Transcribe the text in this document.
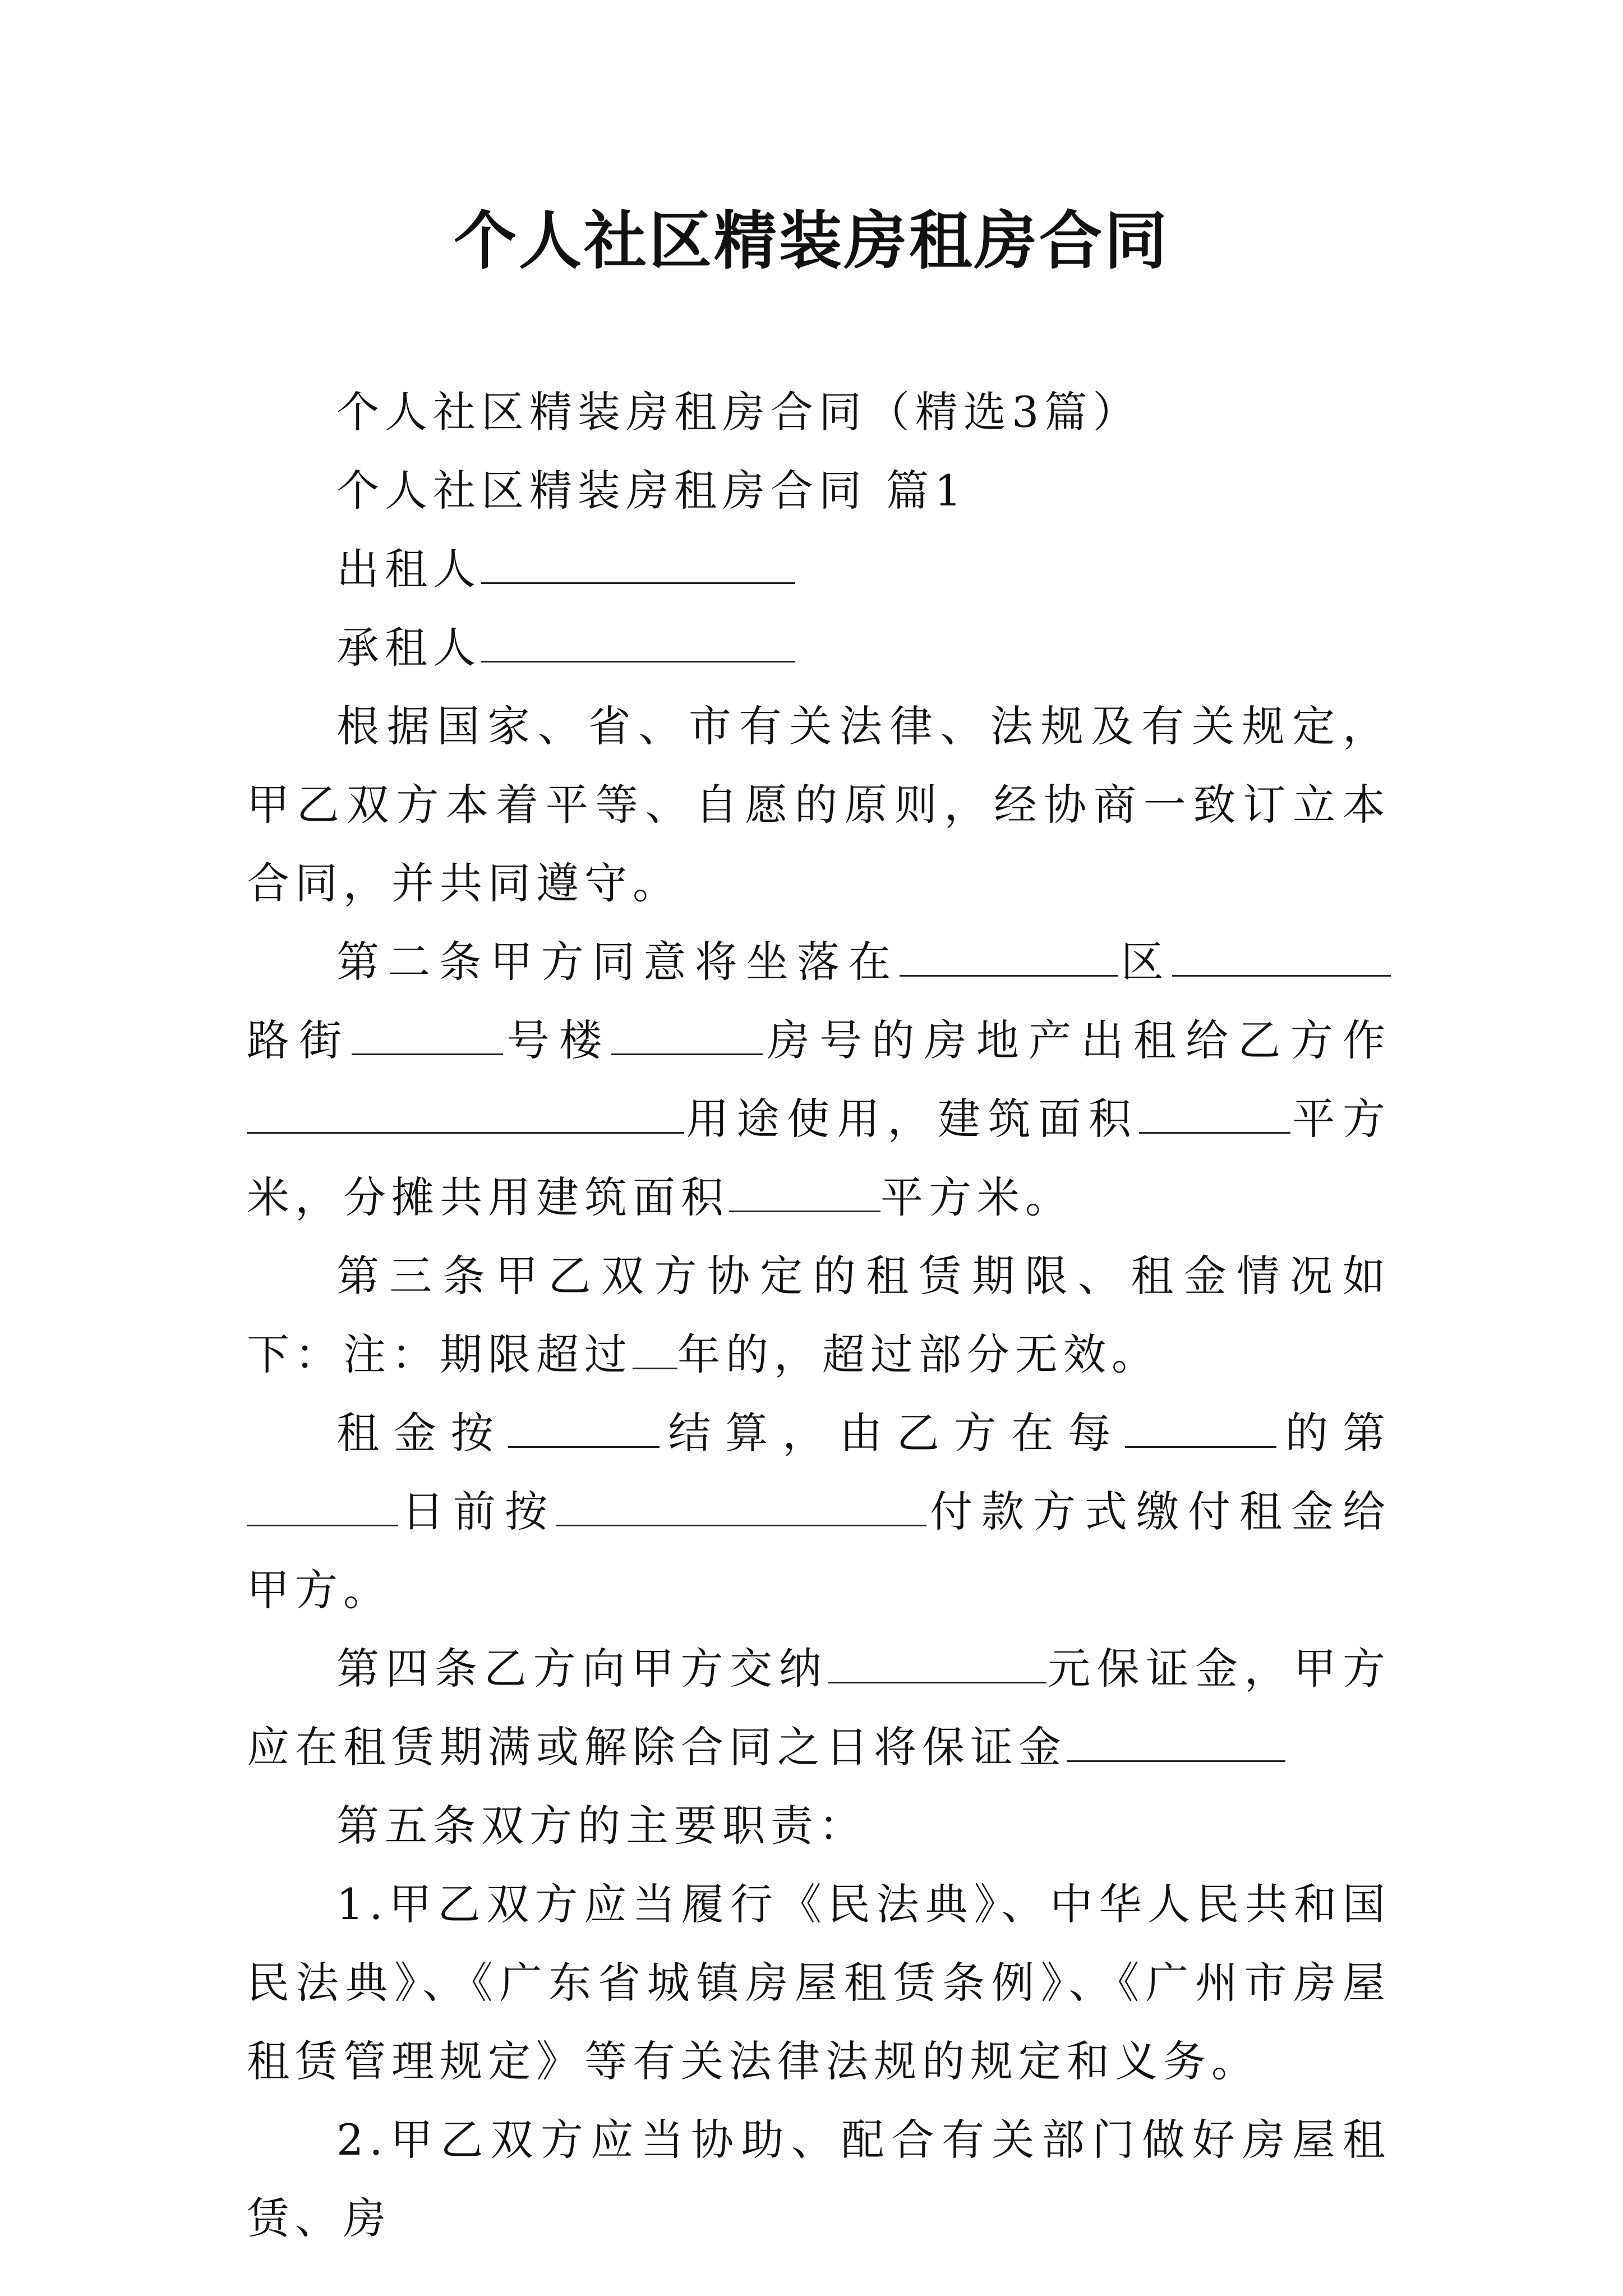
个人社区精装房租房合同

个人社区精装房租房合同（精选3篇）

个人社区精装房租房合同 篇1

出租人

承租人

根据国家、省、市有关法律、法规及有关规定，甲乙双方本着平等、自愿的原则，经协商一致订立本合同，并共同遵守。

第二条甲方同意将坐落在	区路街	号楼	房号的房地产出租给乙方作用途使用，建筑面积	平方米，分摊共用建筑面积	平方米。

第三条甲乙双方协定的租赁期限、租金情况如下：注：期限超过 年的，超过部分无效。

租金按	结算，由乙方在每	的第日前按	付款方式缴付租金给甲方。

第四条乙方向甲方交纳	元保证金，甲方应在租赁期满或解除合同之日将保证金

第五条双方的主要职责：

1.甲乙双方应当履行《民法典》、中华人民共和国民法典》、《广东省城镇房屋租赁条例》、《广州市房屋租赁管理规定》等有关法律法规的规定和义务。

2.甲乙双方应当协助、配合有关部门做好房屋租赁、房
